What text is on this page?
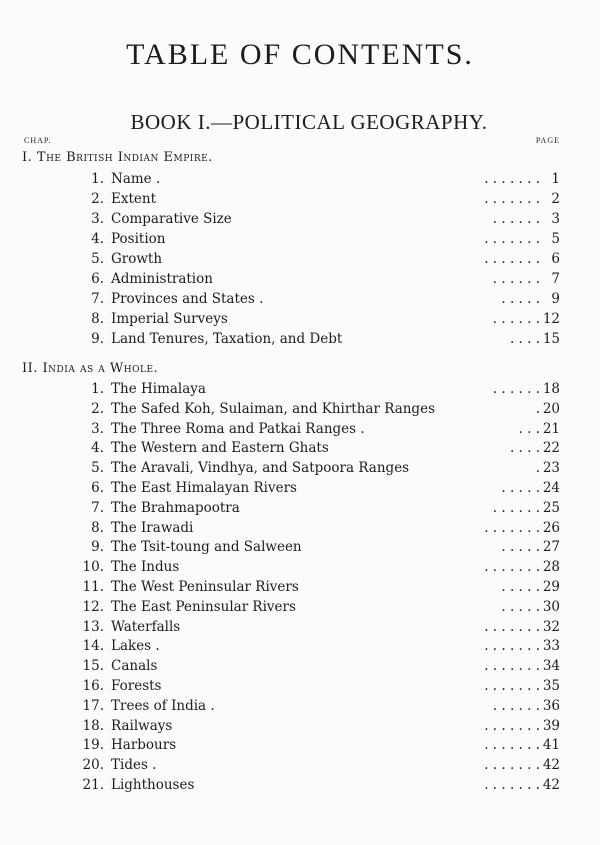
TABLE OF CONTENTS.
BOOK I.—POLITICAL GEOGRAPHY.
CHAP.	PAGE
I. The British Indian Empire.
1. Name .	. . . . . . . 1
2. Extent	. . . . . . . 2
3. Comparative Size	. . . . . . 3
4. Position	. . . . . . . 5
5. Growth	. . . . . . . 6
6. Administration	. . . . . . 7
7. Provinces and States .	. . . . . 9
8. Imperial Surveys	. . . . . . 12
9. Land Tenures, Taxation, and Debt	. . . . 15
II. India as a Whole.
1. The Himalaya	. . . . . . 18
2. The Safed Koh, Sulaiman, and Khirthar Ranges	. 20
3. The Three Roma and Patkai Ranges .	. . . 21
4. The Western and Eastern Ghats	. . . . 22
5. The Aravali, Vindhya, and Satpoora Ranges	. 23
6. The East Himalayan Rivers	. . . . . 24
7. The Brahmapootra	. . . . . . 25
8. The Irawadi	. . . . . . . 26
9. The Tsit-toung and Salween	. . . . . 27
10. The Indus	. . . . . . . 28
11. The West Peninsular Rivers	. . . . . 29
12. The East Peninsular Rivers	. . . . . 30
13. Waterfalls	. . . . . . . 32
14. Lakes .	. . . . . . . 33
15. Canals	. . . . . . . 34
16. Forests	. . . . . . . 35
17. Trees of India .	. . . . . . 36
18. Railways	. . . . . . . 39
19. Harbours	. . . . . . . 41
20. Tides .	. . . . . . . 42
21. Lighthouses	. . . . . . . 42
